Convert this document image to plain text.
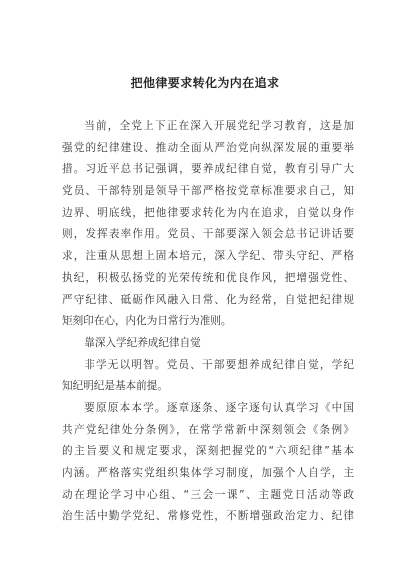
把他律要求转化为内在追求
当前，全党上下正在深入开展党纪学习教育，这是加
强党的纪律建设、推动全面从严治党向纵深发展的重要举
措。习近平总书记强调，要养成纪律自觉，教育引导广大
党员、干部特别是领导干部严格按党章标准要求自己，知
边界、明底线，把他律要求转化为内在追求，自觉以身作
则，发挥表率作用。党员、干部要深入领会总书记讲话要
求，注重从思想上固本培元，深入学纪、带头守纪、严格
执纪，积极弘扬党的光荣传统和优良作风，把增强党性、
严守纪律、砥砺作风融入日常、化为经常，自觉把纪律规
矩刻印在心，内化为日常行为准则。
靠深入学纪养成纪律自觉
非学无以明智。党员、干部要想养成纪律自觉，学纪
知纪明纪是基本前提。
要原原本本学。逐章逐条、逐字逐句认真学习《中国
共产党纪律处分条例》，在常学常新中深刻领会《条例》
的主旨要义和规定要求，深刻把握党的“六项纪律”基本
内涵。严格落实党组织集体学习制度，加强个人自学，主
动在理论学习中心组、“三会一课”、主题党日活动等政
治生活中勤学党纪、常修党性，不断增强政治定力、纪律
